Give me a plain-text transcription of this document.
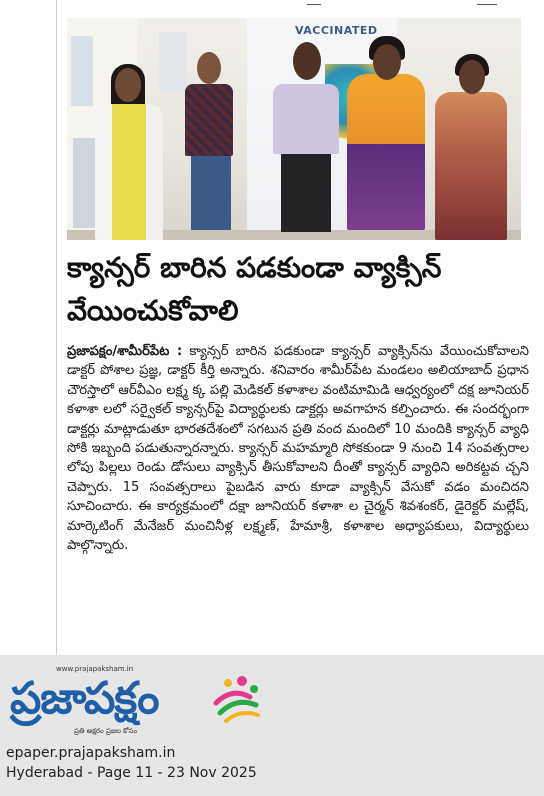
VACCINATED
క్యాన్సర్ బారిన పడకుండా వ్యాక్సిన్ వేయించుకోవాలి
ప్రజాపక్షం/శామీర్‌పేట : క్యాన్సర్ బారిన పడకుండా క్యాన్సర్ వ్యాక్సిన్‌ను వేయించుకోవాలని డాక్టర్ పోశాల ప్రజ్ఞ, డాక్టర్ కీర్తి అన్నారు. శనివారం శామీర్‌పేట మండలం అలియాబాద్ ప్రధాన చౌరస్తాలో ఆర్‌వీఎం లక్ష్మ క్క పల్లి మెడికల్ కళాశాల వంటిమామిడి ఆధ్వర్యంలో దక్ష జూనియర్ కళాశా లలో సర్వైకల్ క్యాన్సర్‌పై విద్యార్థులకు డాక్టర్లు అవగాహన కల్పించారు. ఈ సందర్భంగా డాక్టర్లు మాట్లాడుతూ భారతదేశంలో సగటున ప్రతి వంద మందిలో 10 మందికి క్యాన్సర్ వ్యాధి సోకి ఇబ్బంది పడుతున్నారన్నారు. క్యాన్సర్ మహమ్మారి సోకకుండా 9 నుంచి 14 సంవత్సరాల లోపు పిల్లలు రెండు డోసులు వ్యాక్సిన్ తీసుకోవాలని దీంతో క్యాన్సర్ వ్యాధిని అరికట్టవ చ్చని చెప్పారు. 15 సంవత్సరాలు పైబడిన వారు కూడా వ్యాక్సిన్ వేసుకో వడం మంచిదని సూచించారు. ఈ కార్యక్రమంలో దక్షా జూనియర్ కళాశా ల చైర్మన్ శివశంకర్, డైరెక్టర్ మల్లేష్, మార్కెటింగ్ మేనేజర్ మంచినీళ్ల లక్ష్మణ్, హేమాశ్రీ, కళాశాల అధ్యాపకులు, విద్యార్థులు పాల్గొన్నారు.
www.prajapaksham.in
ప్రజాపక్షం
ప్రతి అక్షరం ప్రజల కోసం
epaper.prajapaksham.in
Hyderabad - Page 11 - 23 Nov 2025
